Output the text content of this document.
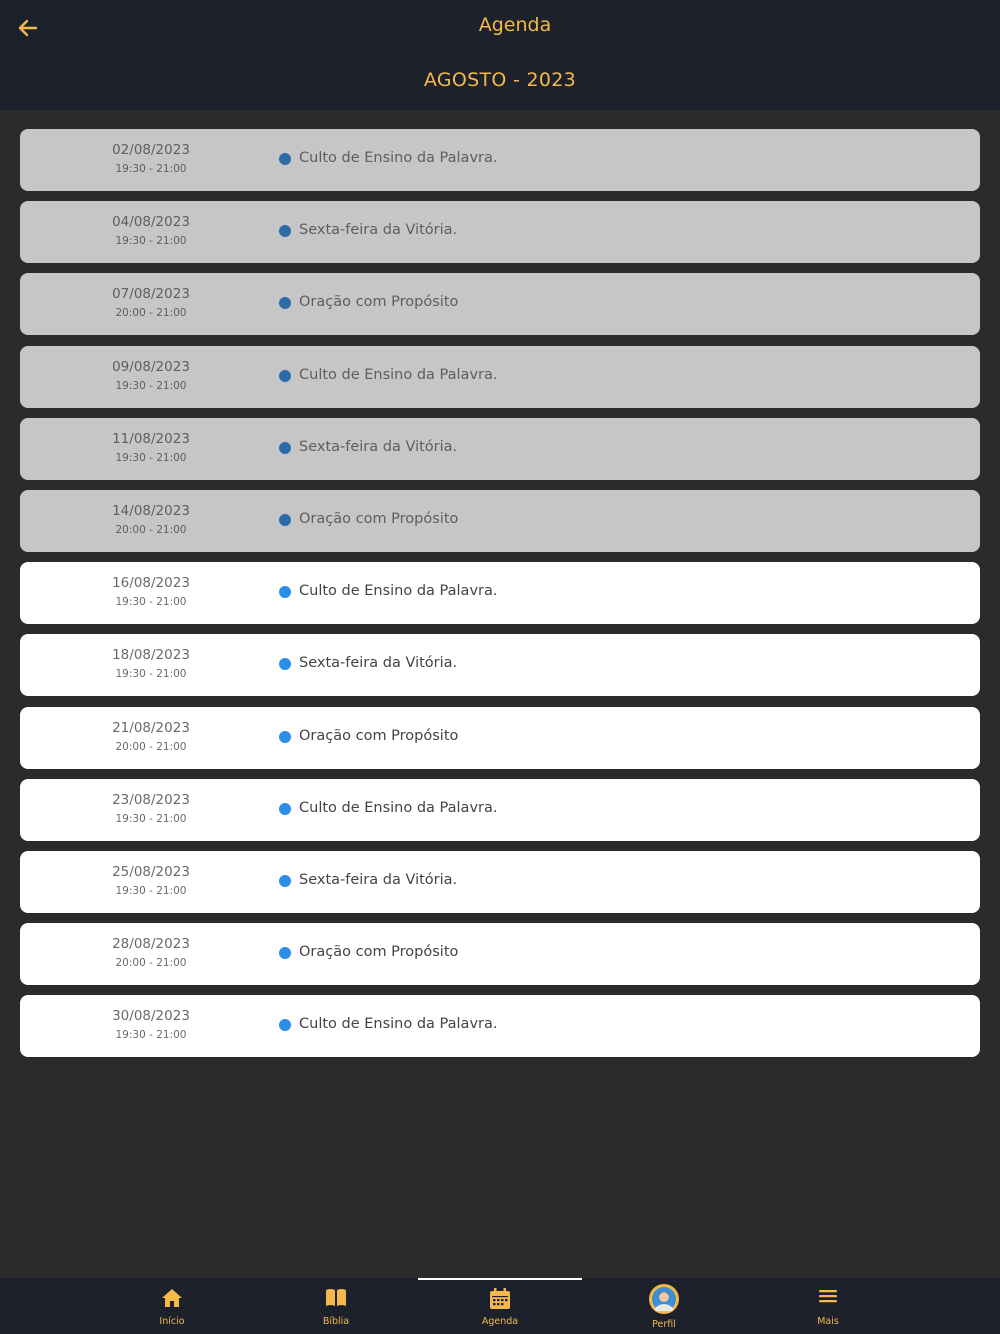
Agenda
AGOSTO - 2023
02/08/2023
19:30 - 21:00
Culto de Ensino da Palavra.
04/08/2023
19:30 - 21:00
Sexta-feira da Vitória.
07/08/2023
20:00 - 21:00
Oração com Propósito
09/08/2023
19:30 - 21:00
Culto de Ensino da Palavra.
11/08/2023
19:30 - 21:00
Sexta-feira da Vitória.
14/08/2023
20:00 - 21:00
Oração com Propósito
16/08/2023
19:30 - 21:00
Culto de Ensino da Palavra.
18/08/2023
19:30 - 21:00
Sexta-feira da Vitória.
21/08/2023
20:00 - 21:00
Oração com Propósito
23/08/2023
19:30 - 21:00
Culto de Ensino da Palavra.
25/08/2023
19:30 - 21:00
Sexta-feira da Vitória.
28/08/2023
20:00 - 21:00
Oração com Propósito
30/08/2023
19:30 - 21:00
Culto de Ensino da Palavra.
Início	Bíblia	Agenda	Perfil	Mais
